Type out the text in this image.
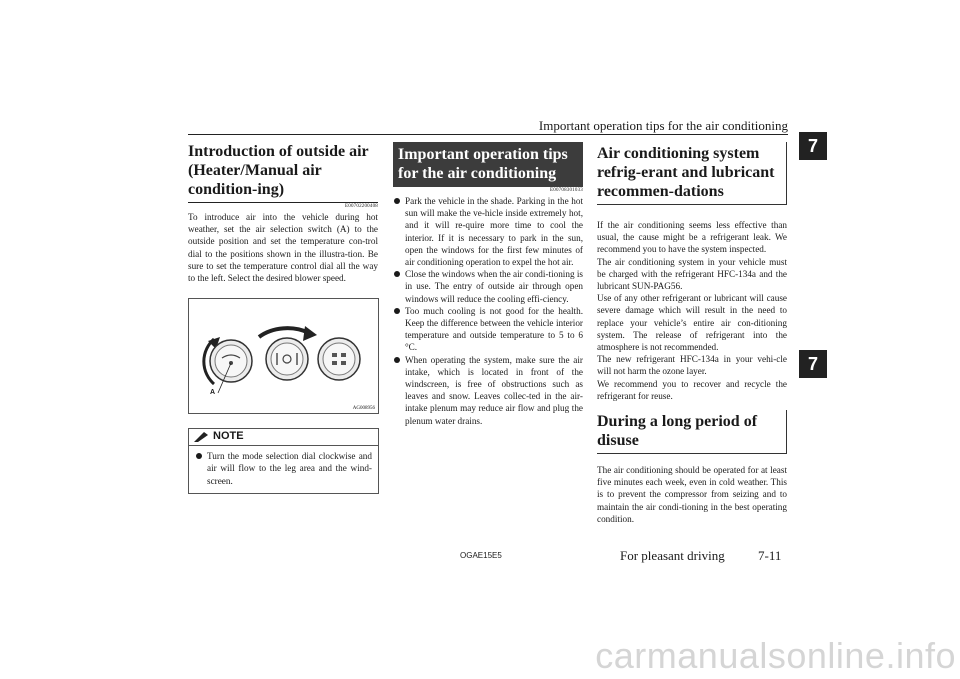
Important operation tips for the air conditioning
7
7
Introduction of outside air (Heater/Manual air condition-ing)
E00702200408

To introduce air into the vehicle during hot weather, set the air selection switch (A) to the outside position and set the temperature con-trol dial to the positions shown in the illustra-tion. Be sure to set the temperature control dial all the way to the left. Select the desired blower speed.

A
AG008956
NOTE
Turn the mode selection dial clockwise and air will flow to the leg area and the wind-screen.
Important operation tips for the air conditioning
E00708301033
Park the vehicle in the shade. Parking in the hot sun will make the ve-hicle inside extremely hot, and it will re-quire more time to cool the interior. If it is necessary to park in the sun, open the windows for the first few minutes of air conditioning operation to expel the hot air.
Close the windows when the air condi-tioning is in use. The entry of outside air through open windows will reduce the cooling effi-ciency.
Too much cooling is not good for the health. Keep the difference between the vehicle interior temperature and outside temperature to 5 to 6 °C.
When operating the system, make sure the air intake, which is located in front of the windscreen, is free of obstructions such as leaves and snow. Leaves collec-ted in the air-intake plenum may reduce air flow and plug the plenum water drains.
Air conditioning system refrig-erant and lubricant recommen-dations

If the air conditioning seems less effective than usual, the cause might be a refrigerant leak. We recommend you to have the system inspected.

The air conditioning system in your vehicle must be charged with the refrigerant HFC-134a and the lubricant SUN-PAG56.

Use of any other refrigerant or lubricant will cause severe damage which will result in the need to replace your vehicle’s entire air con-ditioning system. The release of refrigerant into the atmosphere is not recommended.

The new refrigerant HFC-134a in your vehi-cle will not harm the ozone layer.

We recommend you to recover and recycle the refrigerant for reuse.

During a long period of disuse

The air conditioning should be operated for at least five minutes each week, even in cold weather. This is to prevent the compressor from seizing and to maintain the air condi-tioning in the best operating condition.

OGAE15E5	For pleasant driving	7-11
carmanualsonline.info
